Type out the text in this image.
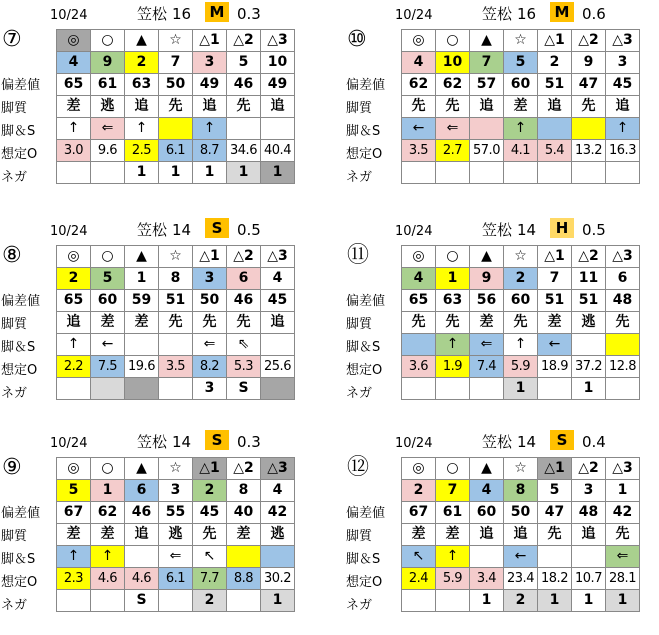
10/24	笠松 16	M 0.3
⑦
偏差値
脚質
脚＆S
想定O
ネガ
◎	○	▲	☆	△1	△2	△3
4	9	2	7	3	5	10
65	61	63	50	49	46	49
差	逃	追	先	追	先	追
↑	⇐	↑		↑		
3.0	9.6	2.5	6.1	8.7	34.6	40.4
		1	1	1	1	1
10/24	笠松 16	M 0.6
⑩
偏差値
脚質
脚＆S
想定O
ネガ
◎	○	▲	☆	△1	△2	△3
4	10	7	5	2	9	3
62	62	57	60	51	47	45
先	先	追	差	追	先	追
←	⇐		↑			↑
3.5	2.7	57.0	4.1	5.4	13.2	16.3

10/24	笠松 14	S 0.5
⑧
偏差値
脚質
脚＆S
想定O
ネガ
◎	○	▲	☆	△1	△2	△3
2	5	1	8	3	6	4
65	60	59	51	50	46	45
追	差	差	先	先	先	追
↑	←			⇐	⇖	
2.2	7.5	19.6	3.5	8.2	5.3	25.6
				3	S	
10/24	笠松 14	H 0.5
⑪
偏差値
脚質
脚＆S
想定O
ネガ
◎	○	▲	☆	△1	△2	△3
4	1	9	2	7	11	6
65	63	56	60	51	51	48
先	先	差	先	差	逃	先
	↑	⇐	↑	←		
3.6	1.9	7.4	5.9	18.9	37.2	12.8
			1		1	
10/24	笠松 14	S 0.3
⑨
偏差値
脚質
脚＆S
想定O
ネガ
◎	○	▲	☆	△1	△2	△3
5	1	6	3	2	8	4
67	62	46	55	45	40	42
差	差	追	逃	先	差	逃
↑	↑		⇐	↖		
2.3	4.6	4.6	6.1	7.7	8.8	30.2
		S		2		1
10/24	笠松 14	S 0.4
⑫
偏差値
脚質
脚＆S
想定O
ネガ
◎	○	▲	☆	△1	△2	△3
2	7	4	8	5	3	1
67	61	60	50	47	48	42
差	差	追	追	先	追	先
↖	↑		←			⇐
2.4	5.9	3.4	23.4	18.2	10.7	28.1
		1	2	1	1	1
